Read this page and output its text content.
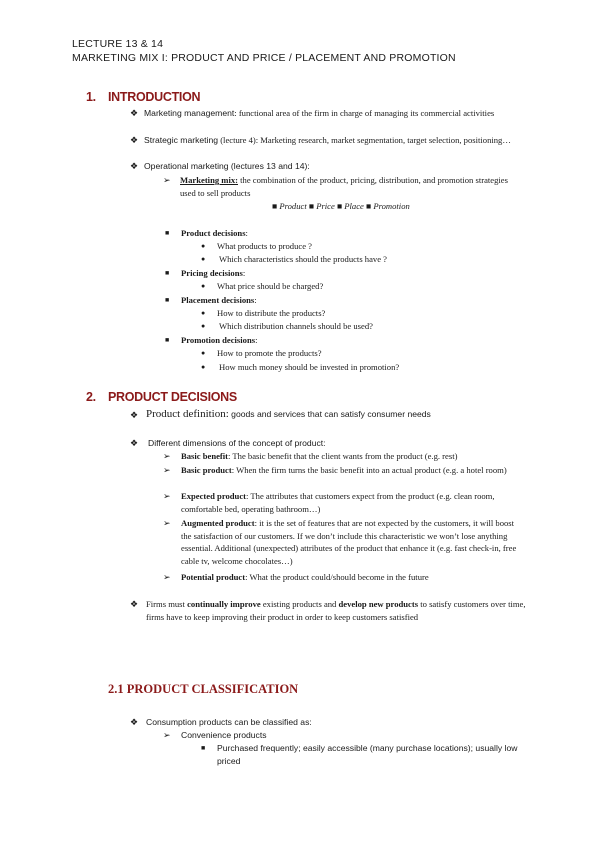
LECTURE 13 & 14
MARKETING MIX I: PRODUCT AND PRICE / PLACEMENT AND PROMOTION
1. INTRODUCTION
❖ Marketing management: functional area of the firm in charge of managing its commercial activities
❖ Strategic marketing (lecture 4): Marketing research, market segmentation, target selection, positioning…
❖ Operational marketing (lectures 13 and 14):
➢ Marketing mix: the combination of the product, pricing, distribution, and promotion strategies used to sell products
■ Product ■ Price ■ Place ■ Promotion
■ Product decisions:
● What products to produce ?
● Which characteristics should the products have ?
■ Pricing decisions:
● What price should be charged?
■ Placement decisions:
● How to distribute the products?
● Which distribution channels should be used?
■ Promotion decisions:
● How to promote the products?
● How much money should be invested in promotion?
2. PRODUCT DECISIONS
❖ Product definition: goods and services that can satisfy consumer needs
❖ Different dimensions of the concept of product:
➢ Basic benefit: The basic benefit that the client wants from the product (e.g. rest)
➢ Basic product: When the firm turns the basic benefit into an actual product (e.g. a hotel room)
➢ Expected product: The attributes that customers expect from the product (e.g. clean room, comfortable bed, operating bathroom…)
➢ Augmented product: it is the set of features that are not expected by the customers, it will boost the satisfaction of our customers. If we don’t include this characteristic we won’t lose anything essential. Additional (unexpected) attributes of the product that enhance it (e.g. fast check-in, free cable tv, welcome chocolates…)
➢ Potential product: What the product could/should become in the future
❖ Firms must continually improve existing products and develop new products to satisfy customers over time, firms have to keep improving their product in order to keep customers satisfied
2.1 PRODUCT CLASSIFICATION
❖ Consumption products can be classified as:
➢ Convenience products
■ Purchased frequently; easily accessible (many purchase locations); usually low priced
